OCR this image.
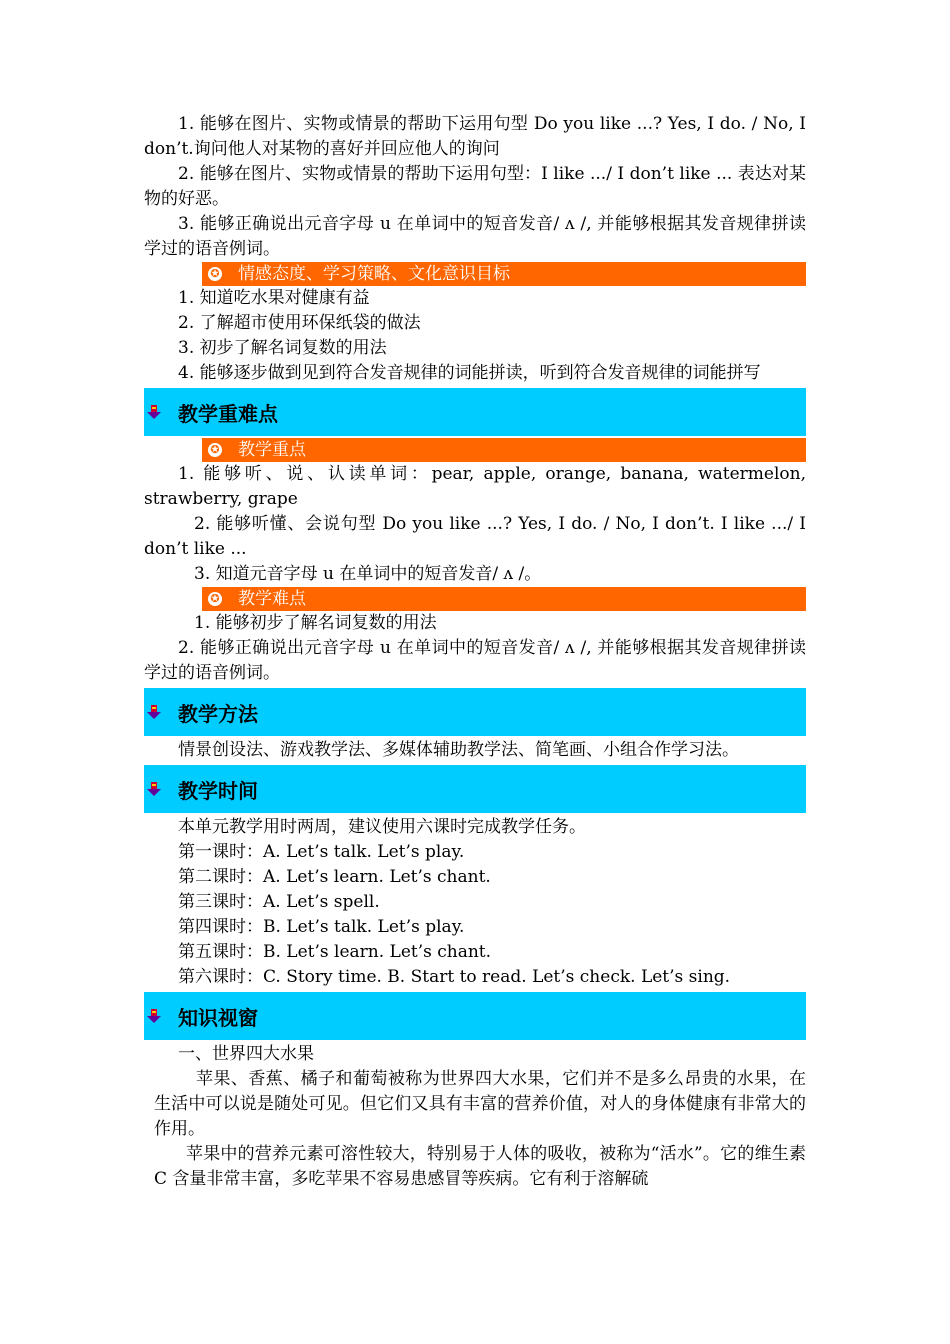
1. 能够在图片、实物或情景的帮助下运用句型 Do you like ...? Yes, I do. / No, I don’t.询问他人对某物的喜好并回应他人的询问

2. 能够在图片、实物或情景的帮助下运用句型：I like .../ I don’t like ... 表达对某物的好恶。

3. 能够正确说出元音字母 u 在单词中的短音发音/ ʌ /, 并能够根据其发音规律拼读学过的语音例词。

✪ 情感态度、学习策略、文化意识目标

1. 知道吃水果对健康有益

2. 了解超市使用环保纸袋的做法

3. 初步了解名词复数的用法

4. 能够逐步做到见到符合发音规律的词能拼读，听到符合发音规律的词能拼写

教学重难点
✪ 教学重点

1. 能够听、说、认读单词：pear, apple, orange, banana, watermelon, strawberry, grape

2. 能够听懂、会说句型 Do you like ...? Yes, I do. / No, I don’t. I like .../ I don’t like ...

3. 知道元音字母 u 在单词中的短音发音/ ʌ /。

✪ 教学难点

1. 能够初步了解名词复数的用法

2. 能够正确说出元音字母 u 在单词中的短音发音/ ʌ /, 并能够根据其发音规律拼读学过的语音例词。

教学方法

情景创设法、游戏教学法、多媒体辅助教学法、简笔画、小组合作学习法。

教学时间

本单元教学用时两周，建议使用六课时完成教学任务。

第一课时：A. Let’s talk. Let’s play.

第二课时：A. Let’s learn. Let’s chant.

第三课时：A. Let’s spell.

第四课时：B. Let’s talk. Let’s play.

第五课时：B. Let’s learn. Let’s chant.

第六课时：C. Story time. B. Start to read. Let’s check. Let’s sing.

知识视窗

一、世界四大水果

苹果、香蕉、橘子和葡萄被称为世界四大水果，它们并不是多么昂贵的水果，在生活中可以说是随处可见。但它们又具有丰富的营养价值，对人的身体健康有非常大的作用。

苹果中的营养元素可溶性较大，特别易于人体的吸收，被称为“活水”。它的维生素 C 含量非常丰富，多吃苹果不容易患感冒等疾病。它有利于溶解硫
